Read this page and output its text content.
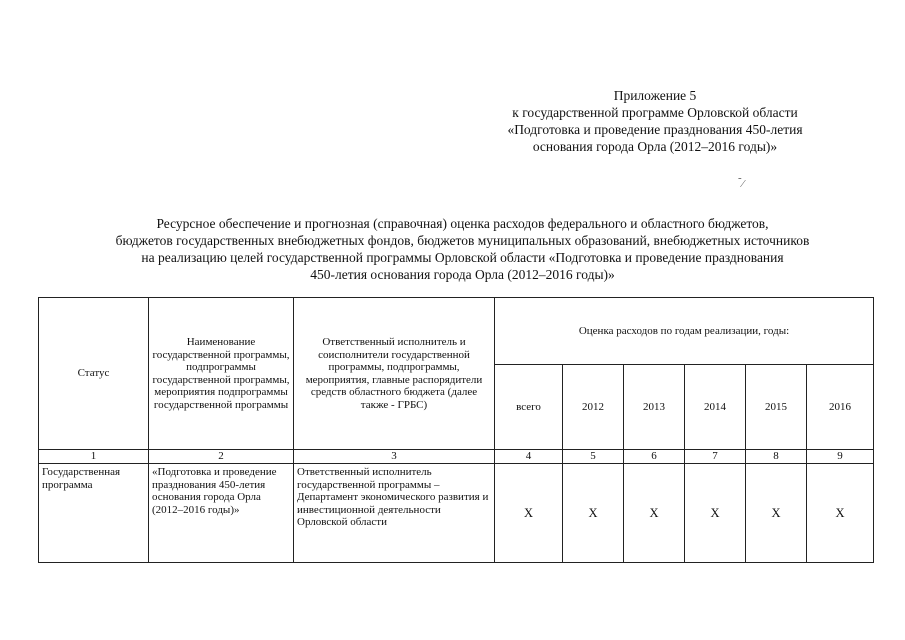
Приложение 5
к государственной программе Орловской области
«Подготовка и проведение празднования 450-летия
основания города Орла (2012–2016 годы)»
- ⁄
Ресурсное обеспечение и прогнозная (справочная) оценка расходов федерального и областного бюджетов,
бюджетов государственных внебюджетных фондов, бюджетов муниципальных образований, внебюджетных источников
на реализацию целей государственной программы Орловской области «Подготовка и проведение празднования
450-летия основания города Орла (2012–2016 годы)»
Статус	Наименование государственной программы, подпрограммы государственной программы, мероприятия подпрограммы государственной программы	Ответственный исполнитель и соисполнители государственной программы, подпрограммы, мероприятия, главные распорядители средств областного бюджета (далее также - ГРБС)	Оценка расходов по годам реализации, годы:					
			всего	2012	2013	2014	2015	2016
1	2	3	4	5	6	7	8	9
Государственная программа	«Подготовка и проведение празднования 450-летия основания города Орла (2012–2016 годы)»	Ответственный исполнитель государственной программы – Департамент экономического развития и инвестиционной деятельности Орловской области	Х	Х	Х	Х	Х	Х
